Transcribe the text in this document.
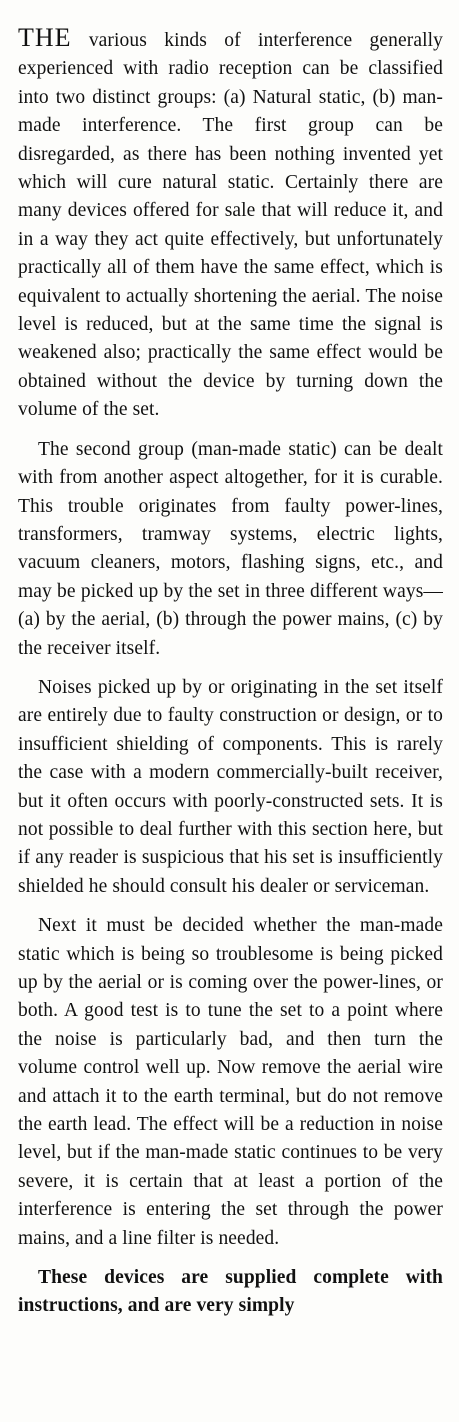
THE various kinds of interference generally experienced with radio reception can be classified into two distinct groups: (a) Natural static, (b) man-made interference. The first group can be disregarded, as there has been nothing invented yet which will cure natural static. Certainly there are many devices offered for sale that will reduce it, and in a way they act quite effectively, but unfortunately practically all of them have the same effect, which is equivalent to actually shortening the aerial. The noise level is reduced, but at the same time the signal is weakened also; practically the same effect would be obtained without the device by turning down the volume of the set.

The second group (man-made static) can be dealt with from another aspect altogether, for it is curable. This trouble originates from faulty power-lines, transformers, tramway systems, electric lights, vacuum cleaners, motors, flashing signs, etc., and may be picked up by the set in three different ways—(a) by the aerial, (b) through the power mains, (c) by the receiver itself.

Noises picked up by or originating in the set itself are entirely due to faulty construction or design, or to insufficient shielding of components. This is rarely the case with a modern commercially-built receiver, but it often occurs with poorly-constructed sets. It is not possible to deal further with this section here, but if any reader is suspicious that his set is insufficiently shielded he should consult his dealer or serviceman.

Next it must be decided whether the man-made static which is being so troublesome is being picked up by the aerial or is coming over the power-lines, or both. A good test is to tune the set to a point where the noise is particularly bad, and then turn the volume control well up. Now remove the aerial wire and attach it to the earth terminal, but do not remove the earth lead. The effect will be a reduction in noise level, but if the man-made static continues to be very severe, it is certain that at least a portion of the interference is entering the set through the power mains, and a line filter is needed.

These devices are supplied complete with instructions, and are very simply
